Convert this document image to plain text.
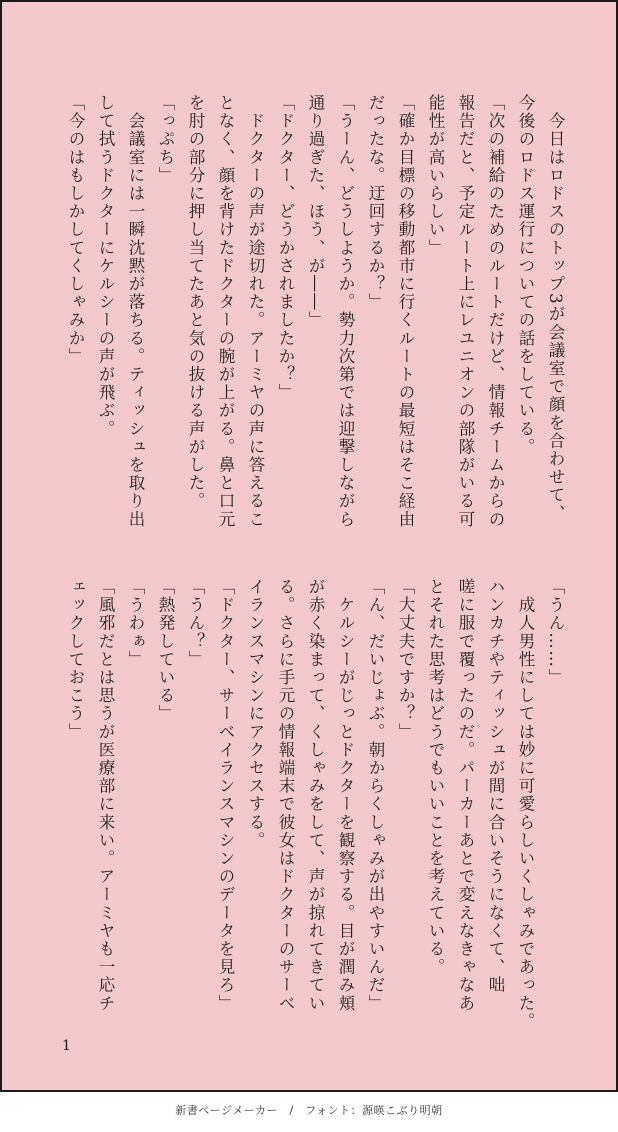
　今日はロドスのトップ3が会議室で顔を合わせて、
今後のロドス運行についての話をしている。
「次の補給のためのルートだけど、情報チームからの
報告だと、予定ルート上にレユニオンの部隊がいる可
能性が高いらしい」
「確か目標の移動都市に行くルートの最短はそこ経由
だったな。迂回するか？」
「うーん、どうしようか。勢力次第では迎撃しながら
通り過ぎた、ほう、が――」
「ドクター、どうかされましたか？」
　ドクターの声が途切れた。アーミヤの声に答えるこ
となく、顔を背けたドクターの腕が上がる。鼻と口元
を肘の部分に押し当てたあと気の抜ける声がした。
「っぷち」
　会議室には一瞬沈黙が落ちる。ティッシュを取り出
して拭うドクターにケルシーの声が飛ぶ。
「今のはもしかしてくしゃみか」
「うん……」
　成人男性にしては妙に可愛らしいくしゃみであった。
ハンカチやティッシュが間に合いそうになくて、咄
嗟に服で覆ったのだ。パーカーあとで変えなきゃなあ
とそれた思考はどうでもいいことを考えている。
「大丈夫ですか？」
「ん、だいじょぶ。朝からくしゃみが出やすいんだ」
　ケルシーがじっとドクターを観察する。目が潤み頬
が赤く染まって、くしゃみをして、声が掠れてきてい
る。さらに手元の情報端末で彼女はドクターのサーベ
イランスマシンにアクセスする。
「ドクター、サーベイランスマシンのデータを見ろ」
「うん？」
「熱発している」
「うわぁ」
「風邪だとは思うが医療部に来い。アーミヤも一応チ
ェックしておこう」
1
新書ページメーカー　/　フォント：源暎こぶり明朝
